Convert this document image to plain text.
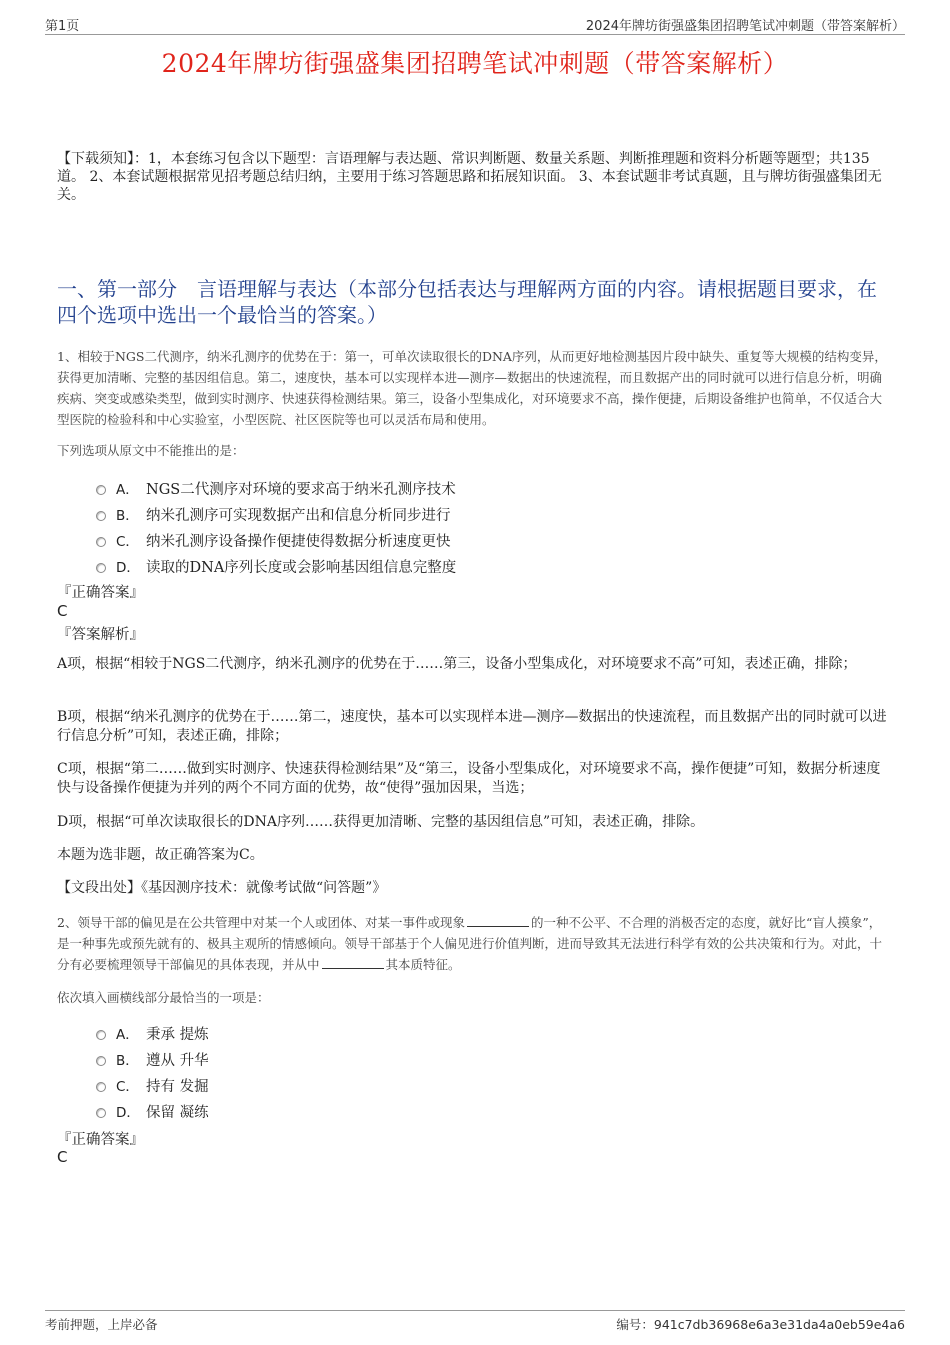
第1页	2024年牌坊街强盛集团招聘笔试冲刺题（带答案解析）
2024年牌坊街强盛集团招聘笔试冲刺题（带答案解析）
【下载须知】：1，本套练习包含以下题型：言语理解与表达题、常识判断题、数量关系题、判断推理题和资料分析题等题型；共135道。 2、本套试题根据常见招考题总结归纳，主要用于练习答题思路和拓展知识面。 3、本套试题非考试真题，且与牌坊街强盛集团无关。
一、第一部分　言语理解与表达（本部分包括表达与理解两方面的内容。请根据题目要求，在四个选项中选出一个最恰当的答案。）
1、相较于NGS二代测序，纳米孔测序的优势在于：第一，可单次读取很长的DNA序列，从而更好地检测基因片段中缺失、重复等大规模的结构变异，获得更加清晰、完整的基因组信息。第二，速度快，基本可以实现样本进—测序—数据出的快速流程，而且数据产出的同时就可以进行信息分析，明确疾病、突变或感染类型，做到实时测序、快速获得检测结果。第三，设备小型集成化，对环境要求不高，操作便捷，后期设备维护也简单，不仅适合大型医院的检验科和中心实验室，小型医院、社区医院等也可以灵活布局和使用。
下列选项从原文中不能推出的是：
A． NGS二代测序对环境的要求高于纳米孔测序技术
B． 纳米孔测序可实现数据产出和信息分析同步进行
C． 纳米孔测序设备操作便捷使得数据分析速度更快
D． 读取的DNA序列长度或会影响基因组信息完整度
『正确答案』
C
『答案解析』
A项，根据“相较于NGS二代测序，纳米孔测序的优势在于……第三，设备小型集成化，对环境要求不高”可知，表述正确，排除；
B项，根据“纳米孔测序的优势在于……第二，速度快，基本可以实现样本进—测序—数据出的快速流程，而且数据产出的同时就可以进行信息分析”可知，表述正确，排除；
C项，根据“第二……做到实时测序、快速获得检测结果”及“第三，设备小型集成化，对环境要求不高，操作便捷”可知，数据分析速度快与设备操作便捷为并列的两个不同方面的优势，故“使得”强加因果，当选；
D项，根据“可单次读取很长的DNA序列……获得更加清晰、完整的基因组信息”可知，表述正确，排除。
本题为选非题，故正确答案为C。
【文段出处】《基因测序技术：就像考试做“问答题”》
2、领导干部的偏见是在公共管理中对某一个人或团体、对某一事件或现象	的一种不公平、不合理的消极否定的态度，就好比“盲人摸象”，是一种事先或预先就有的、极具主观所的情感倾向。领导干部基于个人偏见进行价值判断，进而导致其无法进行科学有效的公共决策和行为。对此，十分有必要梳理领导干部偏见的具体表现，并从中	其本质特征。
依次填入画横线部分最恰当的一项是：
A． 秉承 提炼
B． 遵从 升华
C． 持有 发掘
D． 保留 凝练
『正确答案』
C
考前押题，上岸必备	编号：941c7db36968e6a3e31da4a0eb59e4a6
